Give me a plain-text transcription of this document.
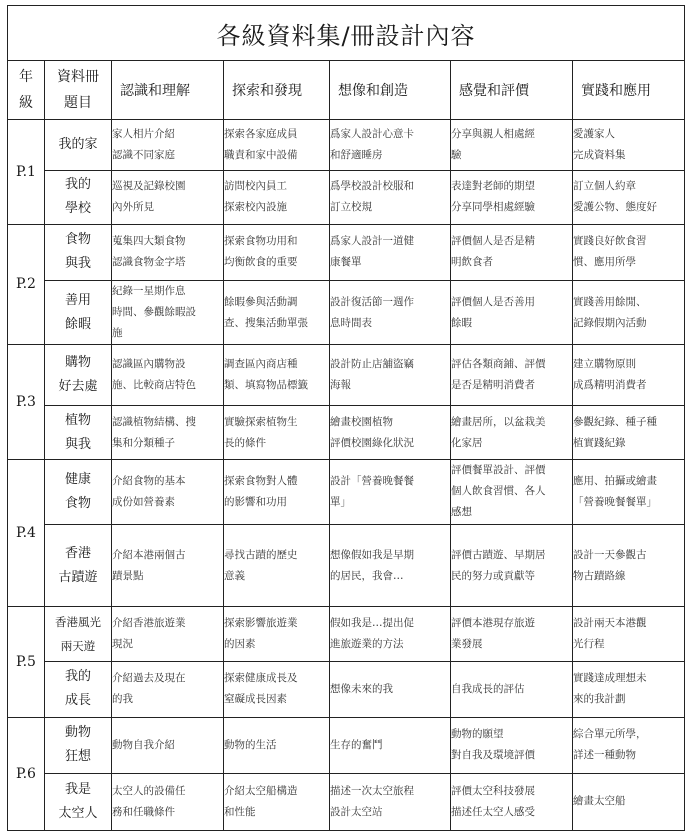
各級資料集/冊設計內容						
年
級	資料冊
題目	認識和理解	探索和發現	想像和創造	感覺和評價	實踐和應用
P.1	我的家	家人相片介紹
認識不同家庭	探索各家庭成員
職責和家中設備	爲家人設計心意卡
和舒適睡房	分享與親人相處經
驗	愛護家人
完成資料集

	我的
學校	巡視及記錄校園
內外所見	訪問校內員工
探索校內設施	爲學校設計校服和
訂立校規	表達對老師的期望
分享同學相處經驗	訂立個人約章
愛護公物、態度好

P.2	食物
與我	蒐集四大類食物
認識食物金字塔	探索食物功用和
均衡飲食的重要	爲家人設計一道健
康餐單	評價個人是否是精
明飲食者	實踐良好飲食習
慣、應用所學

	善用
餘暇	紀錄一星期作息
時間、參觀餘暇設
施	餘暇參與活動調
查、搜集活動單張	設計復活節一週作
息時間表	評價個人是否善用
餘暇	實踐善用餘閒、
記錄假期內活動

P.3	購物
好去處	認識區內購物設
施、比較商店特色	調查區內商店種
類、填寫物品標籤	設計防止店舖盜竊
海報	評估各類商鋪、評價
是否是精明消費者	建立購物原則
成爲精明消費者

	植物
與我	認識植物結構、搜
集和分類種子	實驗探索植物生
長的條件	繪畫校園植物
評價校園綠化狀況	繪畫居所，以盆栽美
化家居	參觀紀錄、種子種
植實踐紀錄

P.4	健康
食物	介紹食物的基本
成份如營養素	探索食物對人體
的影響和功用	設計「營養晚餐餐
單」	評價餐單設計、評價
個人飲食習慣、各人
感想	應用、拍攝或繪畫
「營養晚餐餐單」

	香港
古蹟遊	介紹本港兩個古
蹟景點	尋找古蹟的歷史
意義	想像假如我是早期
的居民，我會…	評價古蹟遊、早期居
民的努力或貢獻等	設計一天參觀古
物古蹟路線

P.5	香港風光
兩天遊	介紹香港旅遊業
現況	探索影響旅遊業
的因素	假如我是…提出促
進旅遊業的方法	評價本港現存旅遊
業發展	設計兩天本港觀
光行程

	我的
成長	介紹過去及現在
的我	探索健康成長及
窒礙成長因素	想像未來的我	自我成長的評估	實踐達成理想未
來的我計劃

P.6	動物
狂想	動物自我介紹	動物的生活	生存的奮鬥	動物的願望
對自我及環境評價	綜合單元所學，
詳述一種動物

	我是
太空人	太空人的設備任
務和任職條件	介紹太空船構造
和性能	描述一次太空旅程
設計太空站	評價太空科技發展
描述任太空人感受	繪畫太空船
